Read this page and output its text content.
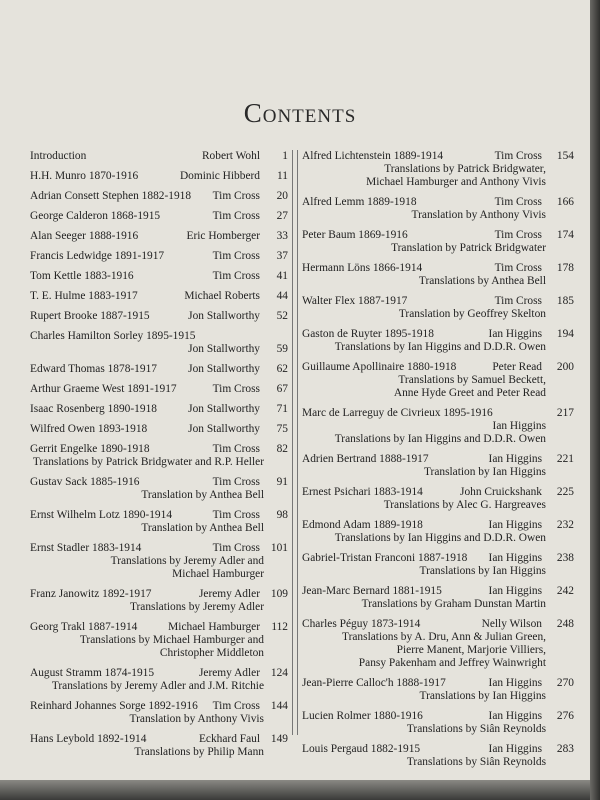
Contents
Introduction	Robert Wohl	1
H.H. Munro 1870-1916	Dominic Hibberd	11
Adrian Consett Stephen 1882-1918	Tim Cross	20
George Calderon 1868-1915	Tim Cross	27
Alan Seeger 1888-1916	Eric Homberger	33
Francis Ledwidge 1891-1917	Tim Cross	37
Tom Kettle 1883-1916	Tim Cross	41
T. E. Hulme 1883-1917	Michael Roberts	44
Rupert Brooke 1887-1915	Jon Stallworthy	52
Charles Hamilton Sorley 1895-1915
Jon Stallworthy	59
Edward Thomas 1878-1917	Jon Stallworthy	62
Arthur Graeme West 1891-1917	Tim Cross	67
Isaac Rosenberg 1890-1918	Jon Stallworthy	71
Wilfred Owen 1893-1918	Jon Stallworthy	75
Gerrit Engelke 1890-1918	Tim Cross	82
Translations by Patrick Bridgwater and R.P. Heller
Gustav Sack 1885-1916	Tim Cross	91
Translation by Anthea Bell
Ernst Wilhelm Lotz 1890-1914	Tim Cross	98
Translation by Anthea Bell
Ernst Stadler 1883-1914	Tim Cross 101
Translations by Jeremy Adler and
Michael Hamburger
Franz Janowitz 1892-1917	Jeremy Adler 109
Translations by Jeremy Adler
Georg Trakl 1887-1914	Michael Hamburger 112
Translations by Michael Hamburger and
Christopher Middleton
August Stramm 1874-1915	Jeremy Adler 124
Translations by Jeremy Adler and J.M. Ritchie
Reinhard Johannes Sorge 1892-1916	Tim Cross 144
Translation by Anthony Vivis
Hans Leybold 1892-1914	Eckhard Faul 149
Translations by Philip Mann
Alfred Lichtenstein 1889-1914	Tim Cross	154
Translations by Patrick Bridgwater,
Michael Hamburger and Anthony Vivis
Alfred Lemm 1889-1918	Tim Cross	166
Translation by Anthony Vivis
Peter Baum 1869-1916	Tim Cross	174
Translation by Patrick Bridgwater
Hermann Löns 1866-1914	Tim Cross	178
Translations by Anthea Bell
Walter Flex 1887-1917	Tim Cross	185
Translation by Geoffrey Skelton
Gaston de Ruyter 1895-1918	Ian Higgins	194
Translations by Ian Higgins and D.D.R. Owen
Guillaume Apollinaire 1880-1918	Peter Read	200
Translations by Samuel Beckett,
Anne Hyde Greet and Peter Read
Marc de Larreguy de Civrieux 1895-1916	217
Ian Higgins
Translations by Ian Higgins and D.D.R. Owen
Adrien Bertrand 1888-1917	Ian Higgins	221
Translation by Ian Higgins
Ernest Psichari 1883-1914	John Cruickshank	225
Translations by Alec G. Hargreaves
Edmond Adam 1889-1918	Ian Higgins	232
Translations by Ian Higgins and D.D.R. Owen
Gabriel-Tristan Franconi 1887-1918	Ian Higgins	238
Translations by Ian Higgins
Jean-Marc Bernard 1881-1915	Ian Higgins	242
Translations by Graham Dunstan Martin
Charles Péguy 1873-1914	Nelly Wilson	248
Translations by A. Dru, Ann & Julian Green,
Pierre Manent, Marjorie Villiers,
Pansy Pakenham and Jeffrey Wainwright
Jean-Pierre Calloc'h 1888-1917	Ian Higgins	270
Translations by Ian Higgins
Lucien Rolmer 1880-1916	Ian Higgins	276
Translations by Siân Reynolds
Louis Pergaud 1882-1915	Ian Higgins	283
Translations by Siân Reynolds
